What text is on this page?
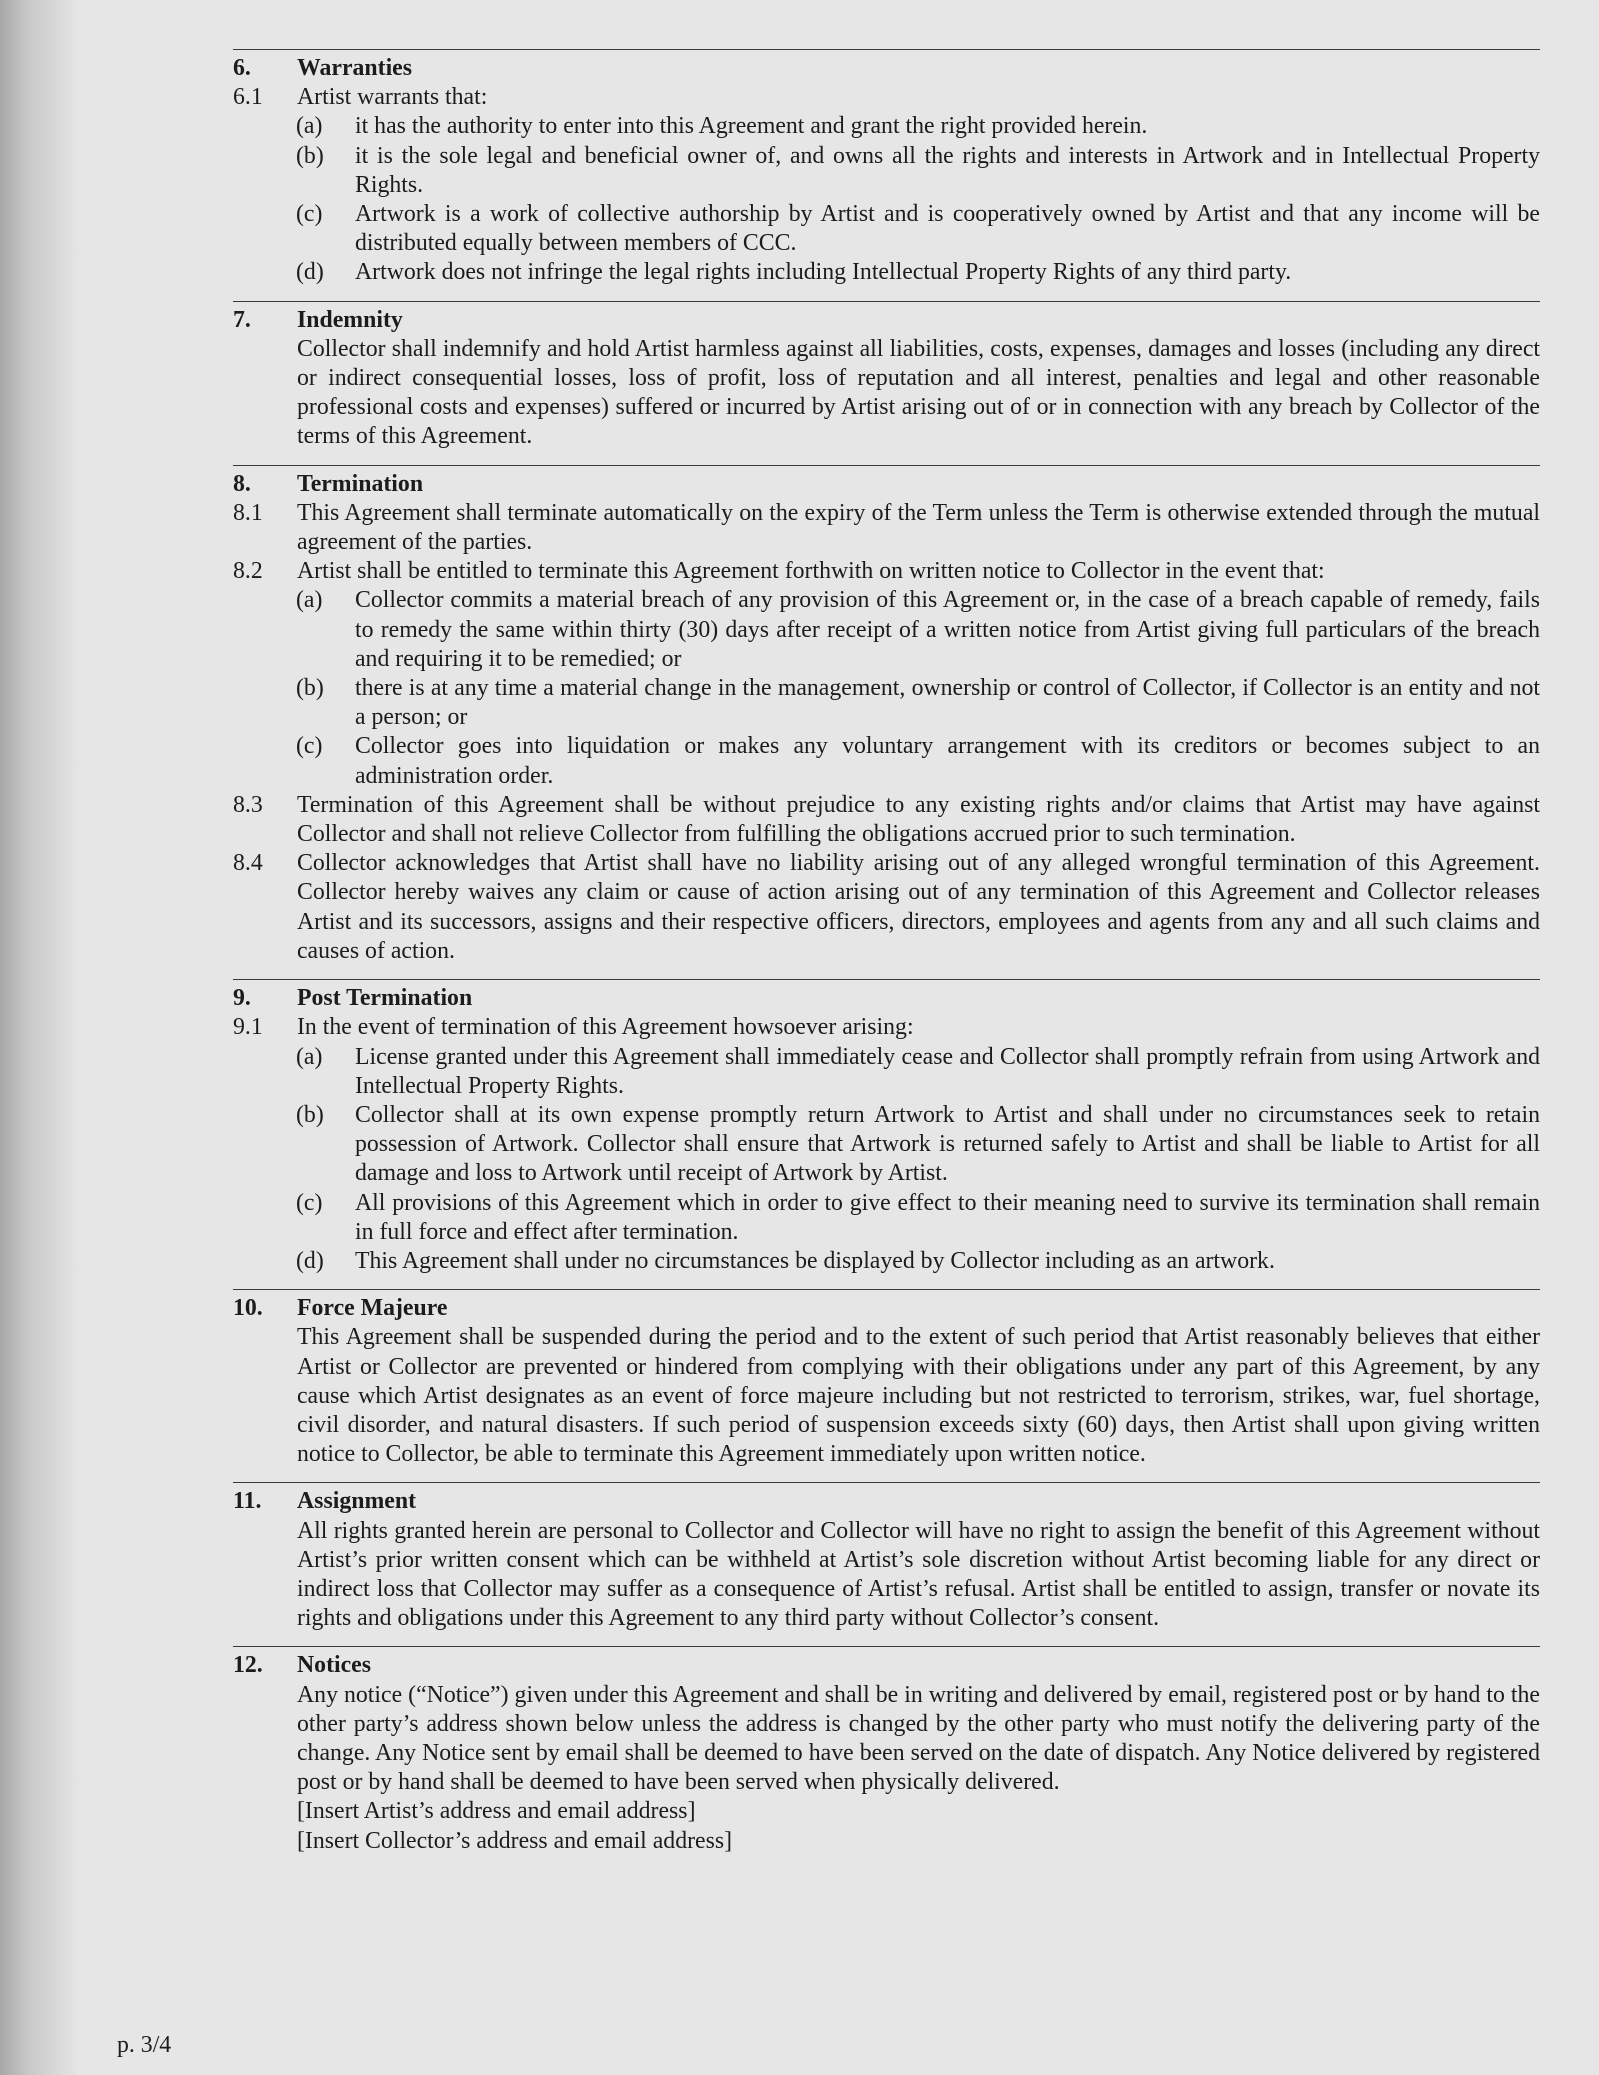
6. Warranties
6.1 Artist warrants that:
(a) it has the authority to enter into this Agreement and grant the right provided herein.
(b) it is the sole legal and beneficial owner of, and owns all the rights and interests in Artwork and in Intellectual Property Rights.
(c) Artwork is a work of collective authorship by Artist and is cooperatively owned by Artist and that any income will be distributed equally between members of CCC.
(d) Artwork does not infringe the legal rights including Intellectual Property Rights of any third party.
7. Indemnity
Collector shall indemnify and hold Artist harmless against all liabilities, costs, expenses, damages and losses (including any direct or indirect consequential losses, loss of profit, loss of reputation and all interest, penalties and legal and other reasonable professional costs and expenses) suffered or incurred by Artist arising out of or in connection with any breach by Collector of the terms of this Agreement.
8. Termination
8.1 This Agreement shall terminate automatically on the expiry of the Term unless the Term is otherwise extended through the mutual agreement of the parties.
8.2 Artist shall be entitled to terminate this Agreement forthwith on written notice to Collector in the event that:
(a) Collector commits a material breach of any provision of this Agreement or, in the case of a breach capable of remedy, fails to remedy the same within thirty (30) days after receipt of a written notice from Artist giving full particulars of the breach and requiring it to be remedied; or
(b) there is at any time a material change in the management, ownership or control of Collector, if Collector is an entity and not a person; or
(c) Collector goes into liquidation or makes any voluntary arrangement with its creditors or becomes subject to an administration order.
8.3 Termination of this Agreement shall be without prejudice to any existing rights and/or claims that Artist may have against Collector and shall not relieve Collector from fulfilling the obligations accrued prior to such termination.
8.4 Collector acknowledges that Artist shall have no liability arising out of any alleged wrongful termination of this Agreement. Collector hereby waives any claim or cause of action arising out of any termination of this Agreement and Collector releases Artist and its successors, assigns and their respective officers, directors, employees and agents from any and all such claims and causes of action.
9. Post Termination
9.1 In the event of termination of this Agreement howsoever arising:
(a) License granted under this Agreement shall immediately cease and Collector shall promptly refrain from using Artwork and Intellectual Property Rights.
(b) Collector shall at its own expense promptly return Artwork to Artist and shall under no circumstances seek to retain possession of Artwork. Collector shall ensure that Artwork is returned safely to Artist and shall be liable to Artist for all damage and loss to Artwork until receipt of Artwork by Artist.
(c) All provisions of this Agreement which in order to give effect to their meaning need to survive its termination shall remain in full force and effect after termination.
(d) This Agreement shall under no circumstances be displayed by Collector including as an artwork.
10. Force Majeure
This Agreement shall be suspended during the period and to the extent of such period that Artist reasonably believes that either Artist or Collector are prevented or hindered from complying with their obligations under any part of this Agreement, by any cause which Artist designates as an event of force majeure including but not restricted to terrorism, strikes, war, fuel shortage, civil disorder, and natural disasters. If such period of suspension exceeds sixty (60) days, then Artist shall upon giving written notice to Collector, be able to terminate this Agreement immediately upon written notice.
11. Assignment
All rights granted herein are personal to Collector and Collector will have no right to assign the benefit of this Agreement without Artist’s prior written consent which can be withheld at Artist’s sole discretion without Artist becoming liable for any direct or indirect loss that Collector may suffer as a consequence of Artist’s refusal. Artist shall be entitled to assign, transfer or novate its rights and obligations under this Agreement to any third party without Collector’s consent.
12. Notices
Any notice (“Notice”) given under this Agreement and shall be in writing and delivered by email, registered post or by hand to the other party’s address shown below unless the address is changed by the other party who must notify the delivering party of the change. Any Notice sent by email shall be deemed to have been served on the date of dispatch. Any Notice delivered by registered post or by hand shall be deemed to have been served when physically delivered.
[Insert Artist’s address and email address]
[Insert Collector’s address and email address]
p. 3/4
